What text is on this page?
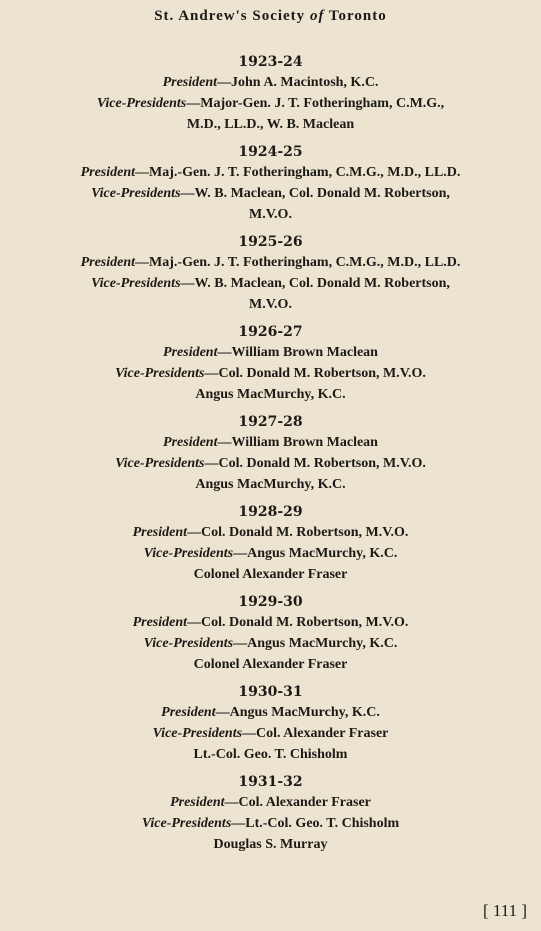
St. Andrew's Society of Toronto
1923-24
President—John A. Macintosh, K.C.
Vice-Presidents—Major-Gen. J. T. Fotheringham, C.M.G.,
M.D., LL.D., W. B. Maclean
1924-25
President—Maj.-Gen. J. T. Fotheringham, C.M.G., M.D., LL.D.
Vice-Presidents—W. B. Maclean, Col. Donald M. Robertson,
M.V.O.
1925-26
President—Maj.-Gen. J. T. Fotheringham, C.M.G., M.D., LL.D.
Vice-Presidents—W. B. Maclean, Col. Donald M. Robertson,
M.V.O.
1926-27
President—William Brown Maclean
Vice-Presidents—Col. Donald M. Robertson, M.V.O.
Angus MacMurchy, K.C.
1927-28
President—William Brown Maclean
Vice-Presidents—Col. Donald M. Robertson, M.V.O.
Angus MacMurchy, K.C.
1928-29
President—Col. Donald M. Robertson, M.V.O.
Vice-Presidents—Angus MacMurchy, K.C.
Colonel Alexander Fraser
1929-30
President—Col. Donald M. Robertson, M.V.O.
Vice-Presidents—Angus MacMurchy, K.C.
Colonel Alexander Fraser
1930-31
President—Angus MacMurchy, K.C.
Vice-Presidents—Col. Alexander Fraser
Lt.-Col. Geo. T. Chisholm
1931-32
President—Col. Alexander Fraser
Vice-Presidents—Lt.-Col. Geo. T. Chisholm
Douglas S. Murray
[ 111 ]
